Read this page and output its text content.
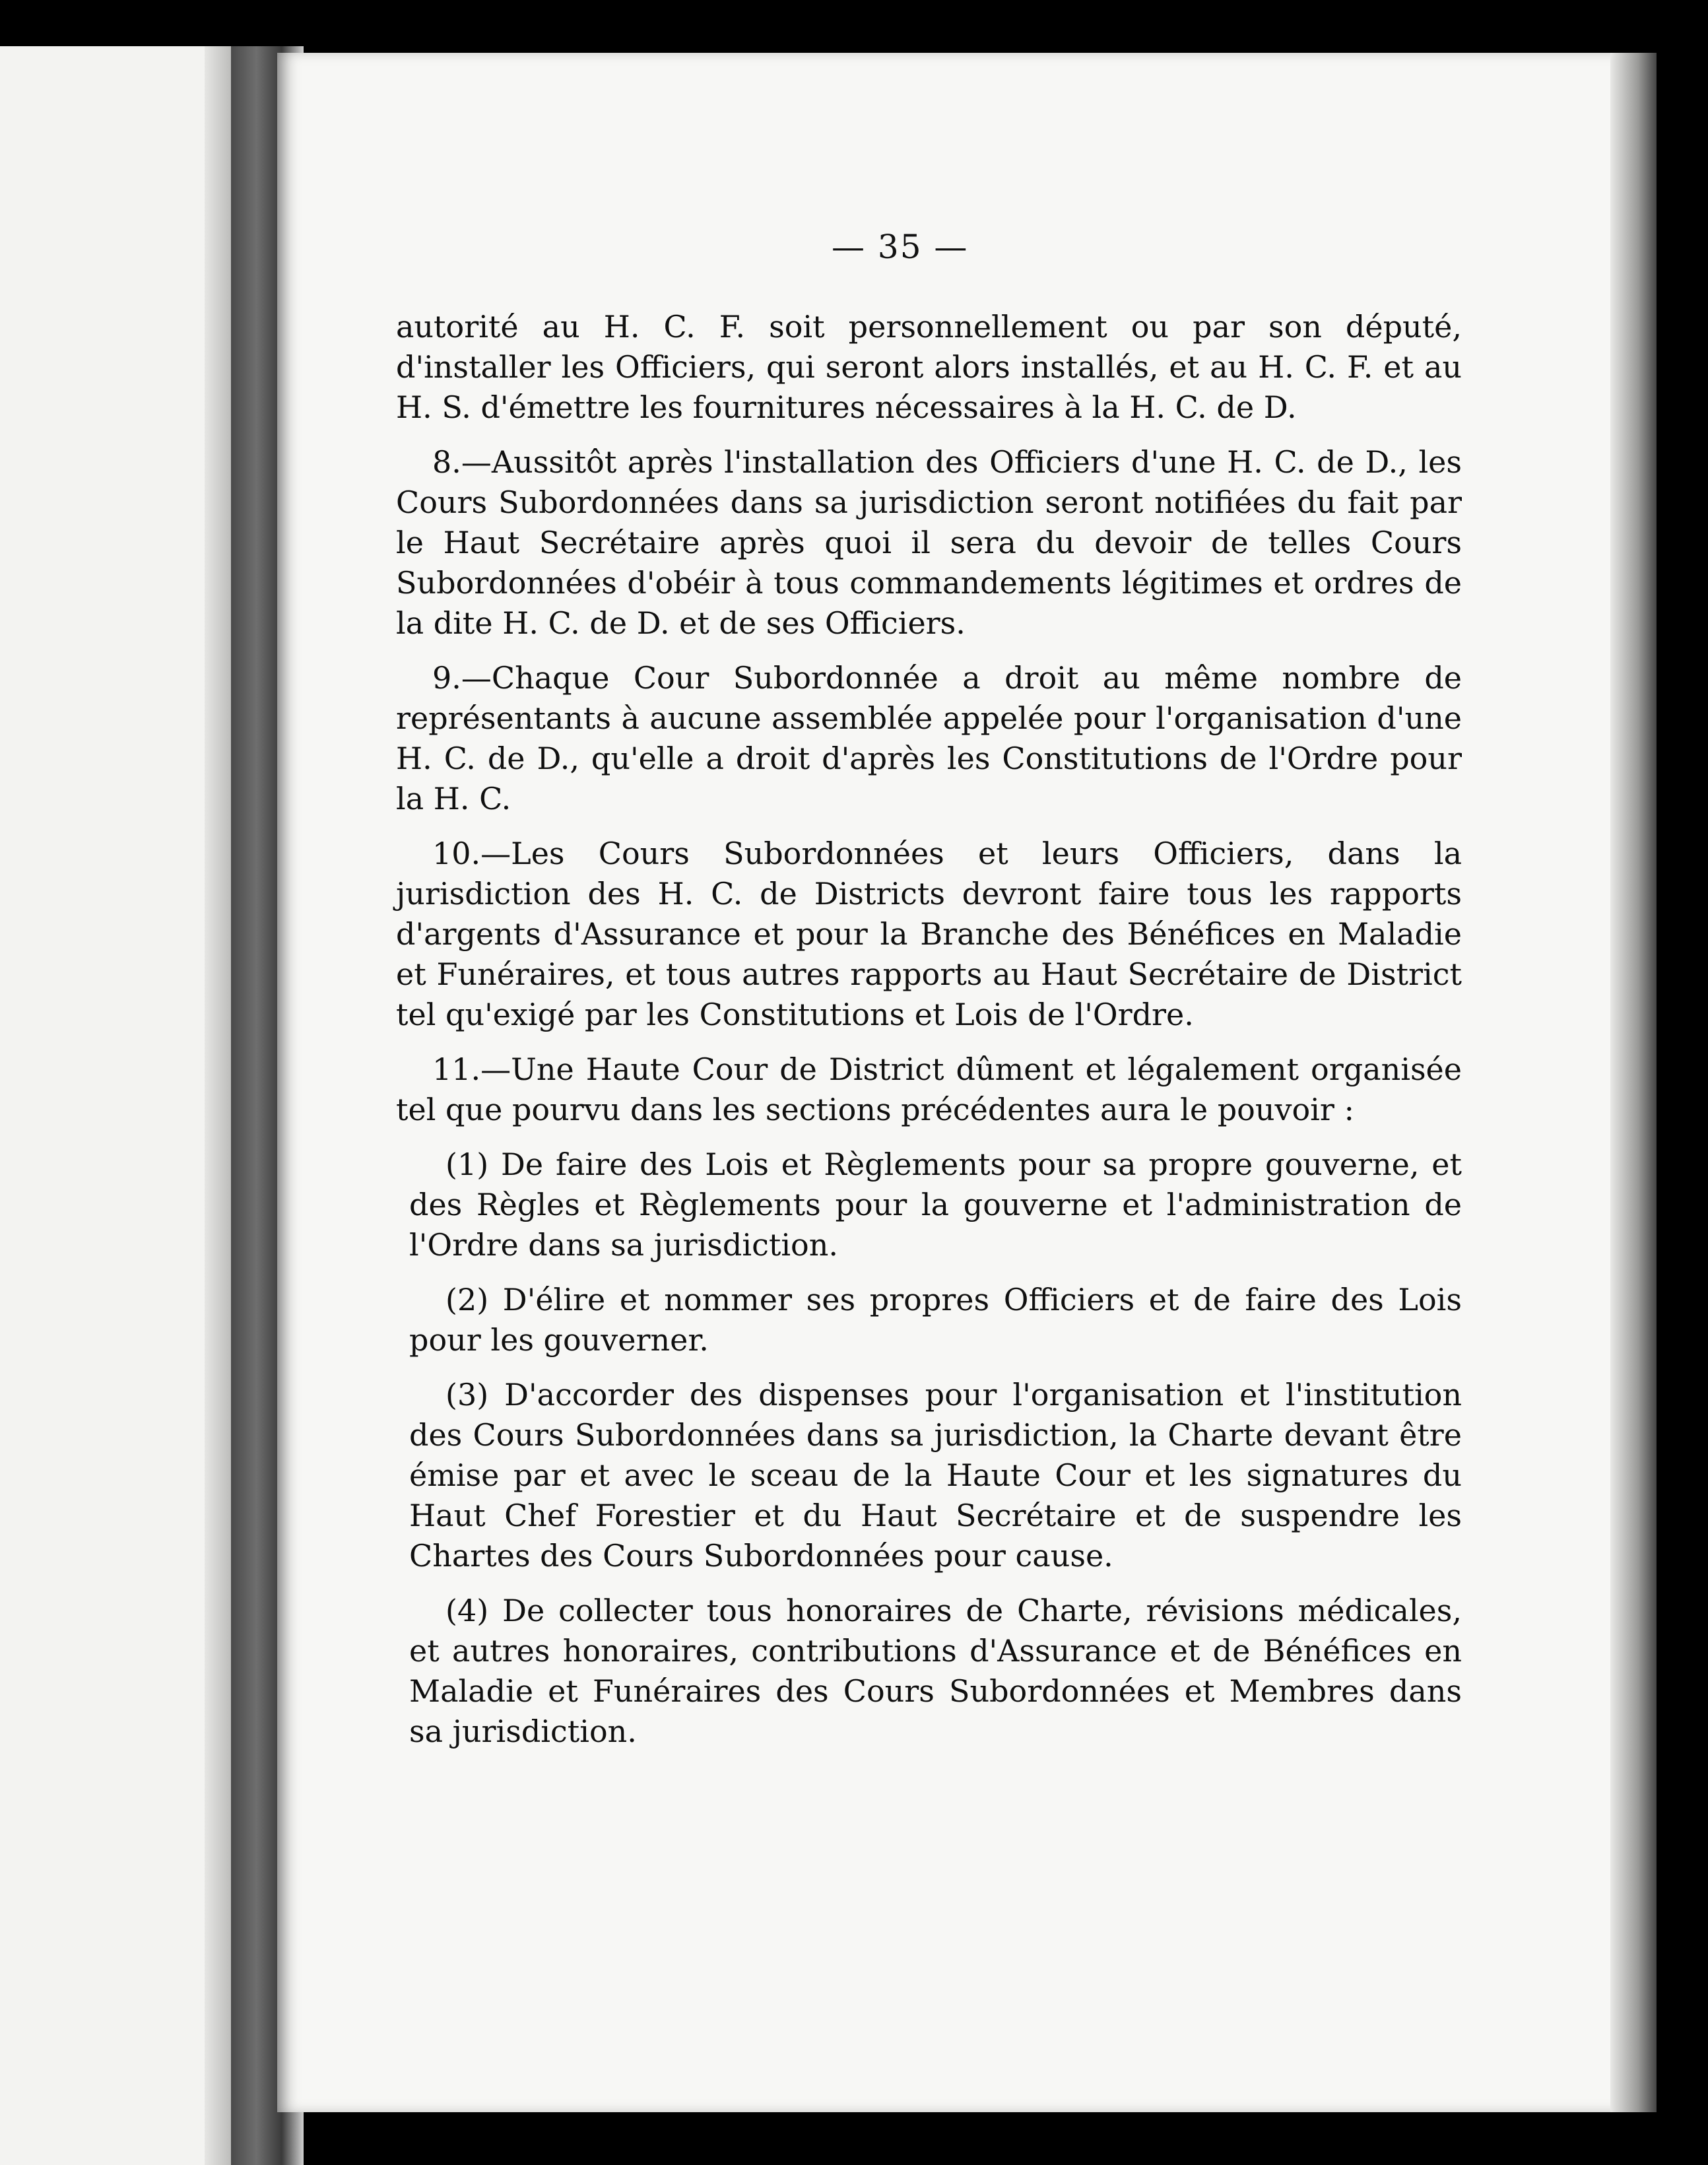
— 35 —

autorité au H. C. F. soit personnellement ou par son député, d'installer les Officiers, qui seront alors installés, et au H. C. F. et au H. S. d'émettre les fournitures nécessaires à la H. C. de D.

8.—Aussitôt après l'installation des Officiers d'une H. C. de D., les Cours Subordonnées dans sa jurisdiction seront notifiées du fait par le Haut Secrétaire après quoi il sera du devoir de telles Cours Subordonnées d'obéir à tous commandements légitimes et ordres de la dite H. C. de D. et de ses Officiers.

9.—Chaque Cour Subordonnée a droit au même nombre de représentants à aucune assemblée appelée pour l'organisation d'une H. C. de D., qu'elle a droit d'après les Constitutions de l'Ordre pour la H. C.

10.—Les Cours Subordonnées et leurs Officiers, dans la jurisdiction des H. C. de Districts devront faire tous les rapports d'argents d'Assurance et pour la Branche des Bénéfices en Maladie et Funéraires, et tous autres rapports au Haut Secrétaire de District tel qu'exigé par les Constitutions et Lois de l'Ordre.

11.—Une Haute Cour de District dûment et légalement organisée tel que pourvu dans les sections précédentes aura le pouvoir :

(1) De faire des Lois et Règlements pour sa propre gouverne, et des Règles et Règlements pour la gouverne et l'administration de l'Ordre dans sa jurisdiction.

(2) D'élire et nommer ses propres Officiers et de faire des Lois pour les gouverner.

(3) D'accorder des dispenses pour l'organisation et l'institution des Cours Subordonnées dans sa jurisdiction, la Charte devant être émise par et avec le sceau de la Haute Cour et les signatures du Haut Chef Forestier et du Haut Secrétaire et de suspendre les Chartes des Cours Subordonnées pour cause.

(4) De collecter tous honoraires de Charte, révisions médicales, et autres honoraires, contributions d'Assurance et de Bénéfices en Maladie et Funéraires des Cours Subordonnées et Membres dans sa jurisdiction.
